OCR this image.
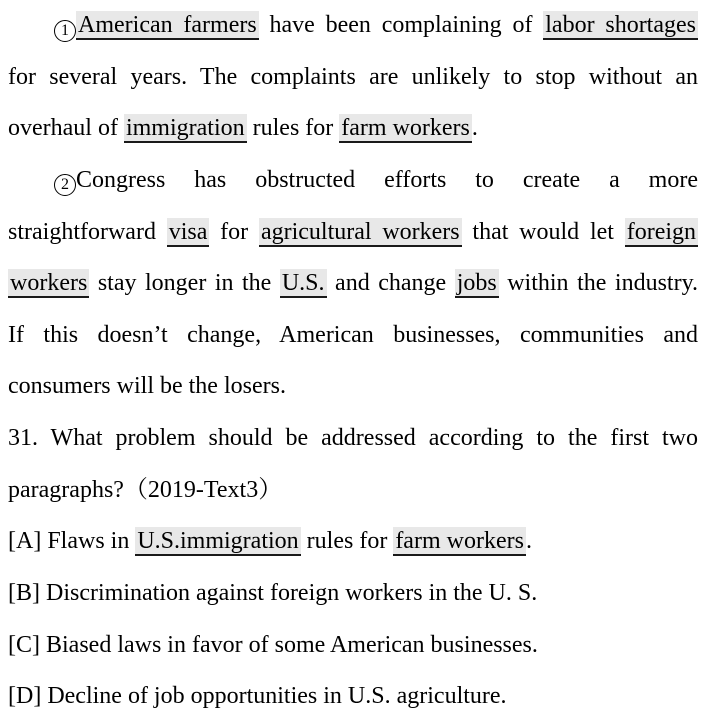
1 American farmers have been complaining of labor shortages
for several years. The complaints are unlikely to stop without an
overhaul of immigration rules for farm workers.
2 Congress has obstructed efforts to create a more
straightforward visa for agricultural workers that would let foreign
workers stay longer in the U.S. and change jobs within the industry.
If this doesn’t change, American businesses, communities and
consumers will be the losers.
31. What problem should be addressed according to the first two
paragraphs?（2019-Text3）
[A] Flaws in U.S.immigration rules for farm workers.
[B] Discrimination against foreign workers in the U. S.
[C] Biased laws in favor of some American businesses.
[D] Decline of job opportunities in U.S. agriculture.
